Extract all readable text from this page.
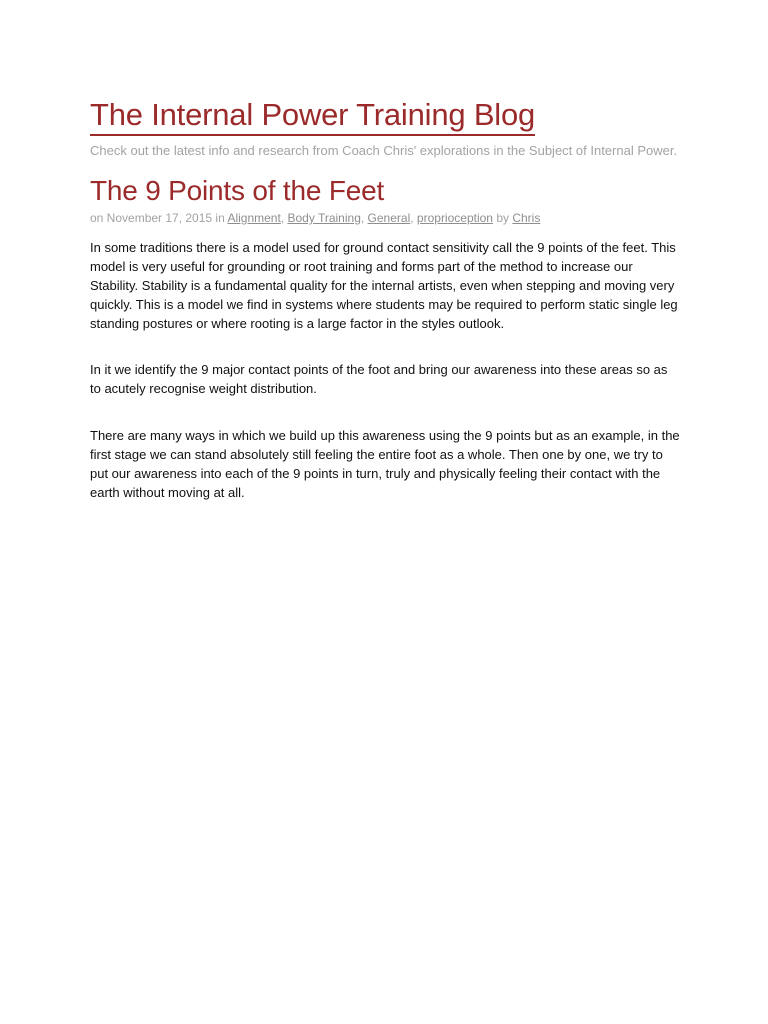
The Internal Power Training Blog

Check out the latest info and research from Coach Chris' explorations in the Subject of Internal Power.

The 9 Points of the Feet

on November 17, 2015 in Alignment, Body Training, General, proprioception by Chris

In some traditions there is a model used for ground contact sensitivity call the 9 points of the feet. This model is very useful for grounding or root training and forms part of the method to increase our Stability. Stability is a fundamental quality for the internal artists, even when stepping and moving very quickly. This is a model we find in systems where students may be required to perform static single leg standing postures or where rooting is a large factor in the styles outlook.

In it we identify the 9 major contact points of the foot and bring our awareness into these areas so as to acutely recognise weight distribution.

There are many ways in which we build up this awareness using the 9 points but as an example, in the first stage we can stand absolutely still feeling the entire foot as a whole. Then one by one, we try to put our awareness into each of the 9 points in turn, truly and physically feeling their contact with the earth without moving at all.
